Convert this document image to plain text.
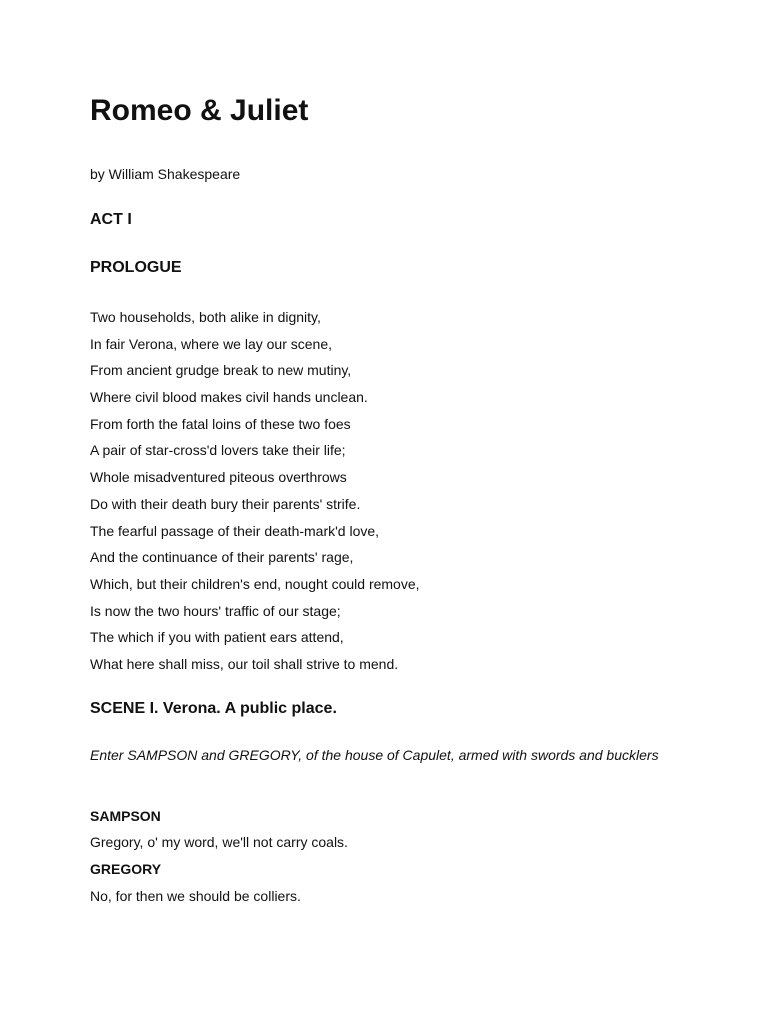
Romeo & Juliet

by William Shakespeare

ACT I
PROLOGUE
Two households, both alike in dignity,
In fair Verona, where we lay our scene,
From ancient grudge break to new mutiny,
Where civil blood makes civil hands unclean.
From forth the fatal loins of these two foes
A pair of star-cross'd lovers take their life;
Whole misadventured piteous overthrows
Do with their death bury their parents' strife.
The fearful passage of their death-mark'd love,
And the continuance of their parents' rage,
Which, but their children's end, nought could remove,
Is now the two hours' traffic of our stage;
The which if you with patient ears attend,
What here shall miss, our toil shall strive to mend.
SCENE I. Verona. A public place.

Enter SAMPSON and GREGORY, of the house of Capulet, armed with swords and bucklers

SAMPSON

Gregory, o' my word, we'll not carry coals.

GREGORY

No, for then we should be colliers.
